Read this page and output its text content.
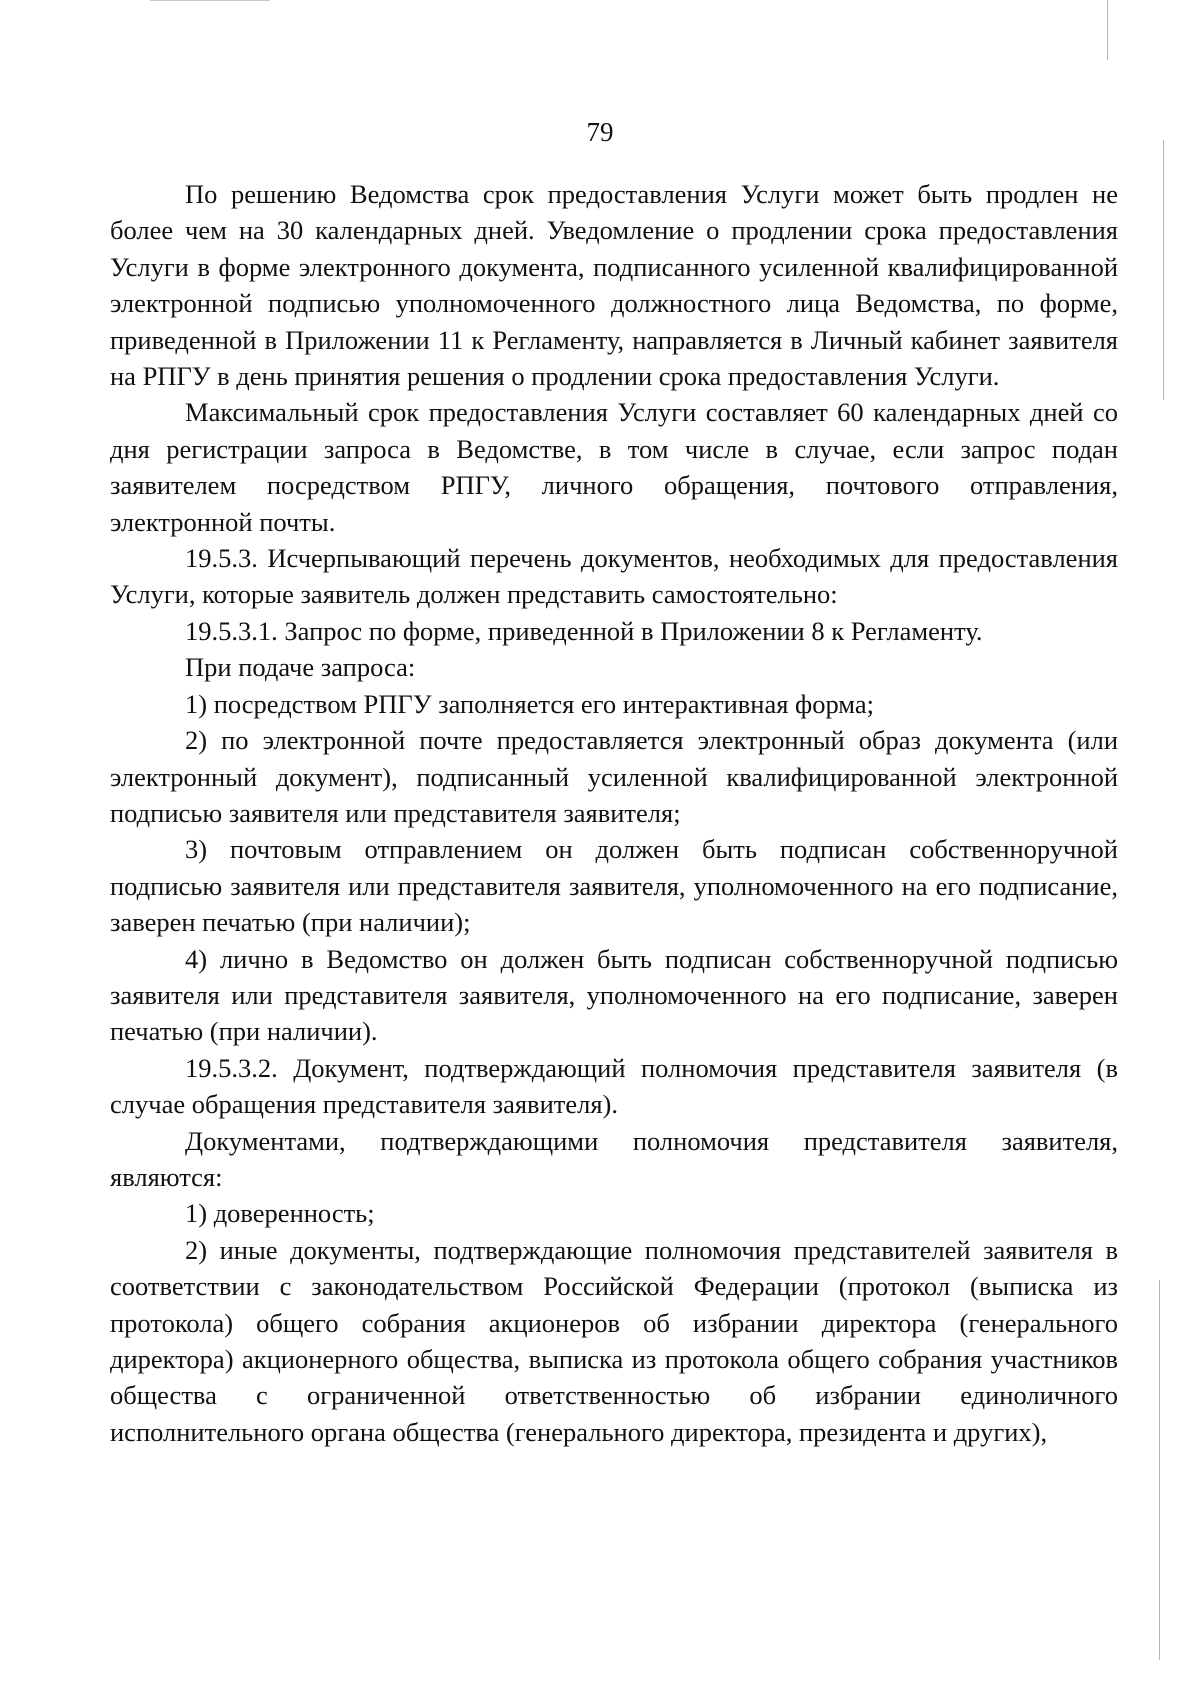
79

По решению Ведомства срок предоставления Услуги может быть продлен не более чем на 30 календарных дней. Уведомление о продлении срока предоставления Услуги в форме электронного документа, подписанного усиленной квалифицированной электронной подписью уполномоченного должностного лица Ведомства, по форме, приведенной в Приложении 11 к Регламенту, направляется в Личный кабинет заявителя на РПГУ в день принятия решения о продлении срока предоставления Услуги.

Максимальный срок предоставления Услуги составляет 60 календарных дней со дня регистрации запроса в Ведомстве, в том числе в случае, если запрос подан заявителем посредством РПГУ, личного обращения, почтового отправления, электронной почты.

19.5.3. Исчерпывающий перечень документов, необходимых для предоставления Услуги, которые заявитель должен представить самостоятельно:

19.5.3.1. Запрос по форме, приведенной в Приложении 8 к Регламенту.

При подаче запроса:

1) посредством РПГУ заполняется его интерактивная форма;

2) по электронной почте предоставляется электронный образ документа (или электронный документ), подписанный усиленной квалифицированной электронной подписью заявителя или представителя заявителя;

3) почтовым отправлением он должен быть подписан собственноручной подписью заявителя или представителя заявителя, уполномоченного на его подписание, заверен печатью (при наличии);

4) лично в Ведомство он должен быть подписан собственноручной подписью заявителя или представителя заявителя, уполномоченного на его подписание, заверен печатью (при наличии).

19.5.3.2. Документ, подтверждающий полномочия представителя заявителя (в случае обращения представителя заявителя).

Документами, подтверждающими полномочия представителя заявителя, являются:

1) доверенность;

2) иные документы, подтверждающие полномочия представителей заявителя в соответствии с законодательством Российской Федерации (протокол (выписка из протокола) общего собрания акционеров об избрании директора (генерального директора) акционерного общества, выписка из протокола общего собрания участников общества с ограниченной ответственностью об избрании единоличного исполнительного органа общества (генерального директора, президента и других),
